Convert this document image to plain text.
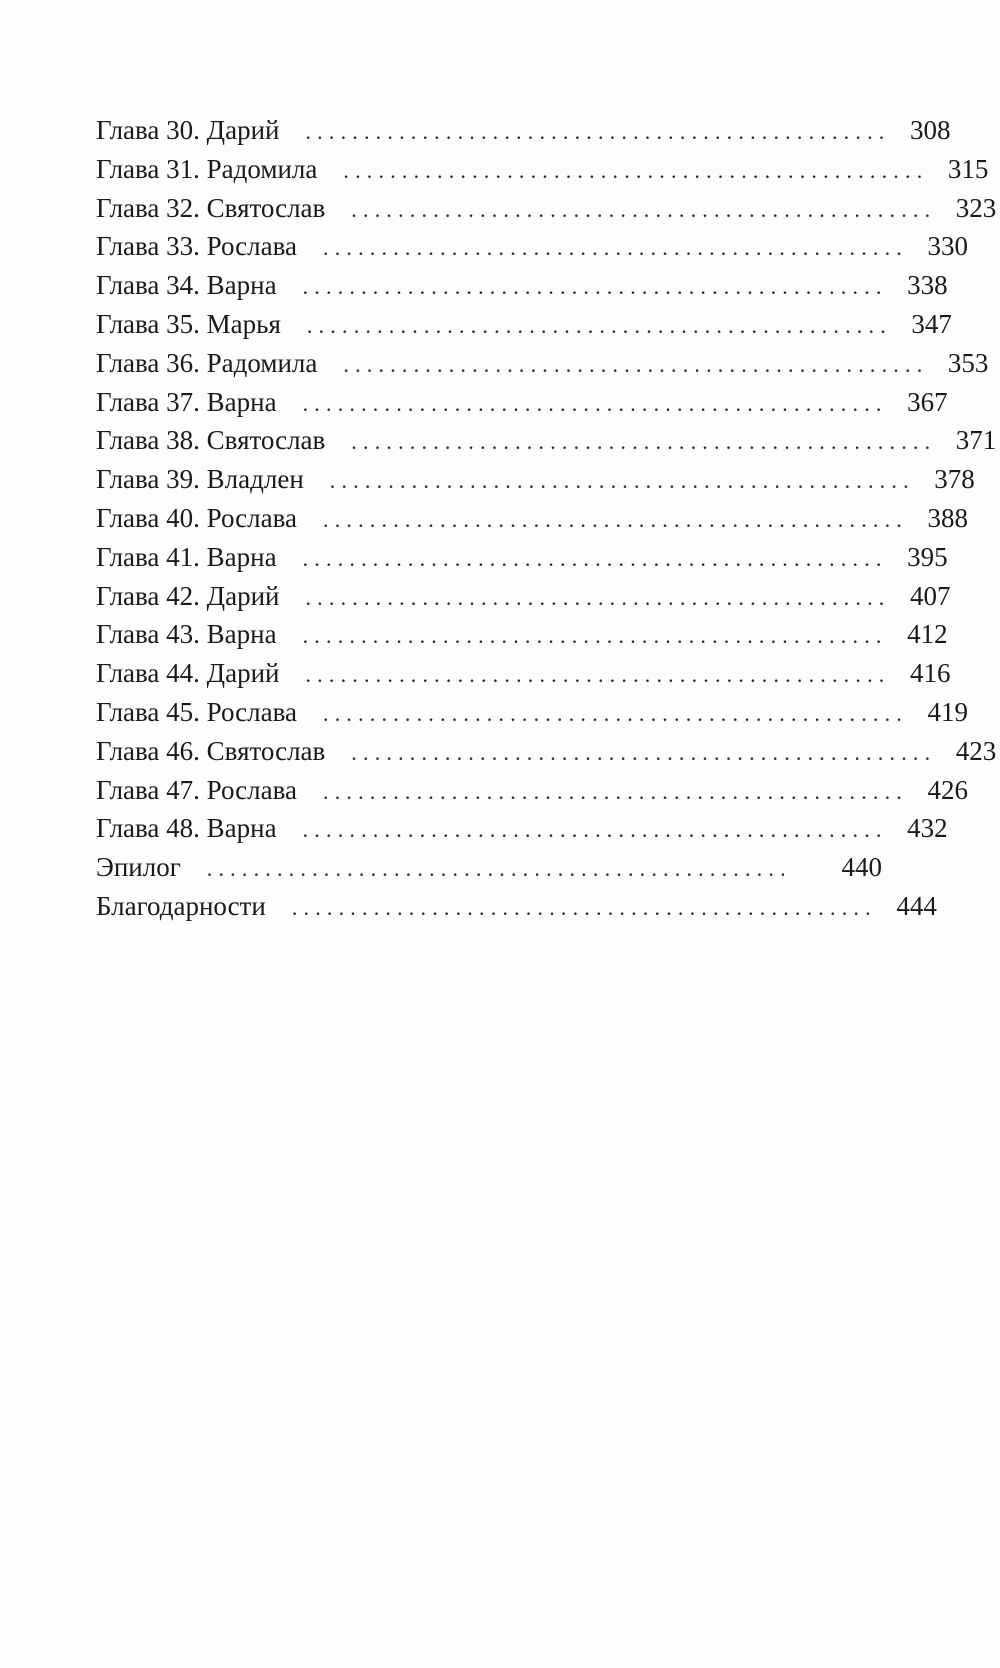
Глава 30. Дарий .................................................. 308
Глава 31. Радомила .................................................. 315
Глава 32. Святослав .................................................. 323
Глава 33. Рослава .................................................. 330
Глава 34. Варна .................................................. 338
Глава 35. Марья .................................................. 347
Глава 36. Радомила .................................................. 353
Глава 37. Варна .................................................. 367
Глава 38. Святослав .................................................. 371
Глава 39. Владлен .................................................. 378
Глава 40. Рослава .................................................. 388
Глава 41. Варна .................................................. 395
Глава 42. Дарий .................................................. 407
Глава 43. Варна .................................................. 412
Глава 44. Дарий .................................................. 416
Глава 45. Рослава .................................................. 419
Глава 46. Святослав .................................................. 423
Глава 47. Рослава .................................................. 426
Глава 48. Варна .................................................. 432
Эпилог ..................................................	440
Благодарности .................................................. 444
